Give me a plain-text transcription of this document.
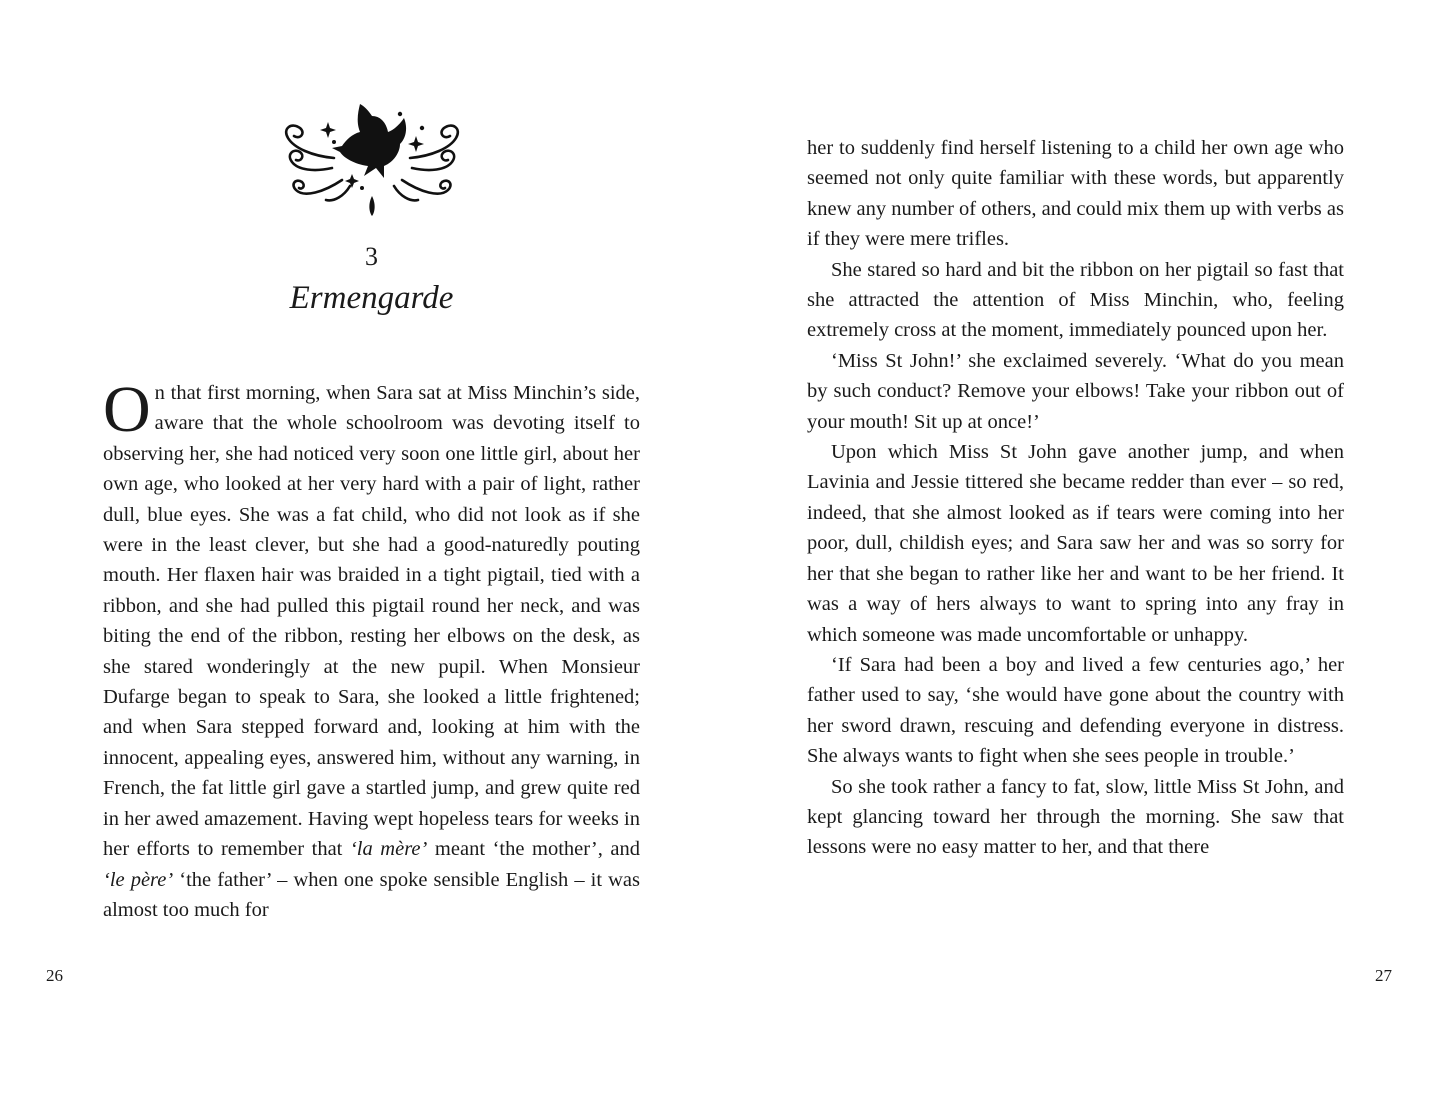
3
Ermengarde

On that first morning, when Sara sat at Miss Minchin’s side, aware that the whole schoolroom was devoting itself to observing her, she had noticed very soon one little girl, about her own age, who looked at her very hard with a pair of light, rather dull, blue eyes. She was a fat child, who did not look as if she were in the least clever, but she had a good-naturedly pouting mouth. Her flaxen hair was braided in a tight pigtail, tied with a ribbon, and she had pulled this pigtail round her neck, and was biting the end of the ribbon, resting her elbows on the desk, as she stared wonderingly at the new pupil. When Monsieur Dufarge began to speak to Sara, she looked a little frightened; and when Sara stepped forward and, looking at him with the innocent, appealing eyes, answered him, without any warning, in French, the fat little girl gave a startled jump, and grew quite red in her awed amazement. Having wept hopeless tears for weeks in her efforts to remember that ‘la mère’ meant ‘the mother’, and ‘le père’ ‘the father’ – when one spoke sensible English – it was almost too much for

26

her to suddenly find herself listening to a child her own age who seemed not only quite familiar with these words, but apparently knew any number of others, and could mix them up with verbs as if they were mere trifles.

She stared so hard and bit the ribbon on her pigtail so fast that she attracted the attention of Miss Minchin, who, feeling extremely cross at the moment, immediately pounced upon her.

‘Miss St John!’ she exclaimed severely. ‘What do you mean by such conduct? Remove your elbows! Take your ribbon out of your mouth! Sit up at once!’

Upon which Miss St John gave another jump, and when Lavinia and Jessie tittered she became redder than ever – so red, indeed, that she almost looked as if tears were coming into her poor, dull, childish eyes; and Sara saw her and was so sorry for her that she began to rather like her and want to be her friend. It was a way of hers always to want to spring into any fray in which someone was made uncomfortable or unhappy.

‘If Sara had been a boy and lived a few centuries ago,’ her father used to say, ‘she would have gone about the country with her sword drawn, rescuing and defending everyone in distress. She always wants to fight when she sees people in trouble.’

So she took rather a fancy to fat, slow, little Miss St John, and kept glancing toward her through the morning. She saw that lessons were no easy matter to her, and that there

27
